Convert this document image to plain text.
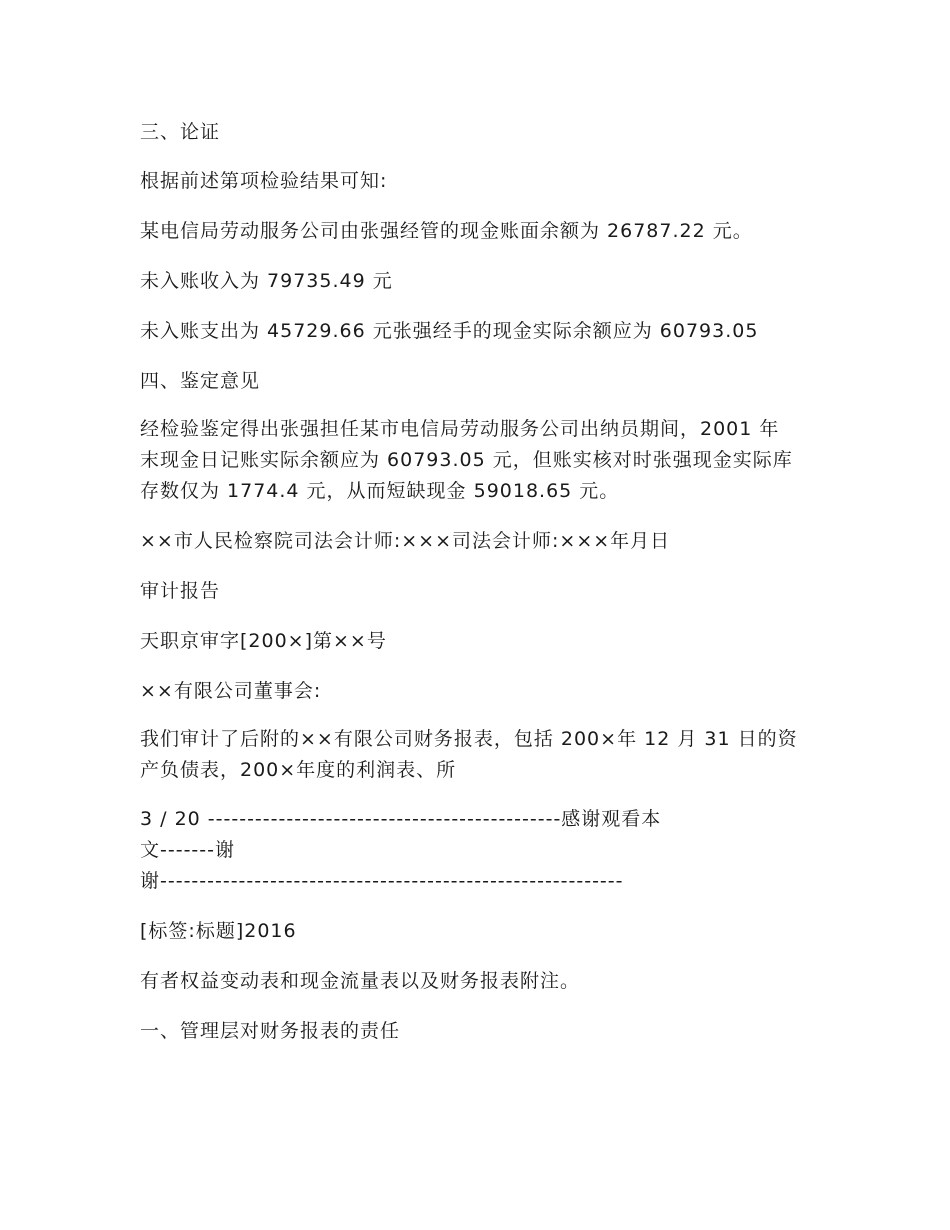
三、论证
根据前述第项检验结果可知:
某电信局劳动服务公司由张强经管的现金账面余额为 26787.22 元。
未入账收入为 79735.49 元
未入账支出为 45729.66 元张强经手的现金实际余额应为 60793.05
四、鉴定意见
经检验鉴定得出张强担任某市电信局劳动服务公司出纳员期间，2001 年
末现金日记账实际余额应为 60793.05 元，但账实核对时张强现金实际库
存数仅为 1774.4 元，从而短缺现金 59018.65 元。
××市人民检察院司法会计师:×××司法会计师:×××年月日
审计报告
天职京审字[200×]第××号
××有限公司董事会:
我们审计了后附的××有限公司财务报表，包括 200×年 12 月 31 日的资
产负债表，200×年度的利润表、所
3 / 20 ---------------------------------------------感谢观看本
文-------谢
谢-----------------------------------------------------------
[标签:标题]2016
有者权益变动表和现金流量表以及财务报表附注。
一、管理层对财务报表的责任
